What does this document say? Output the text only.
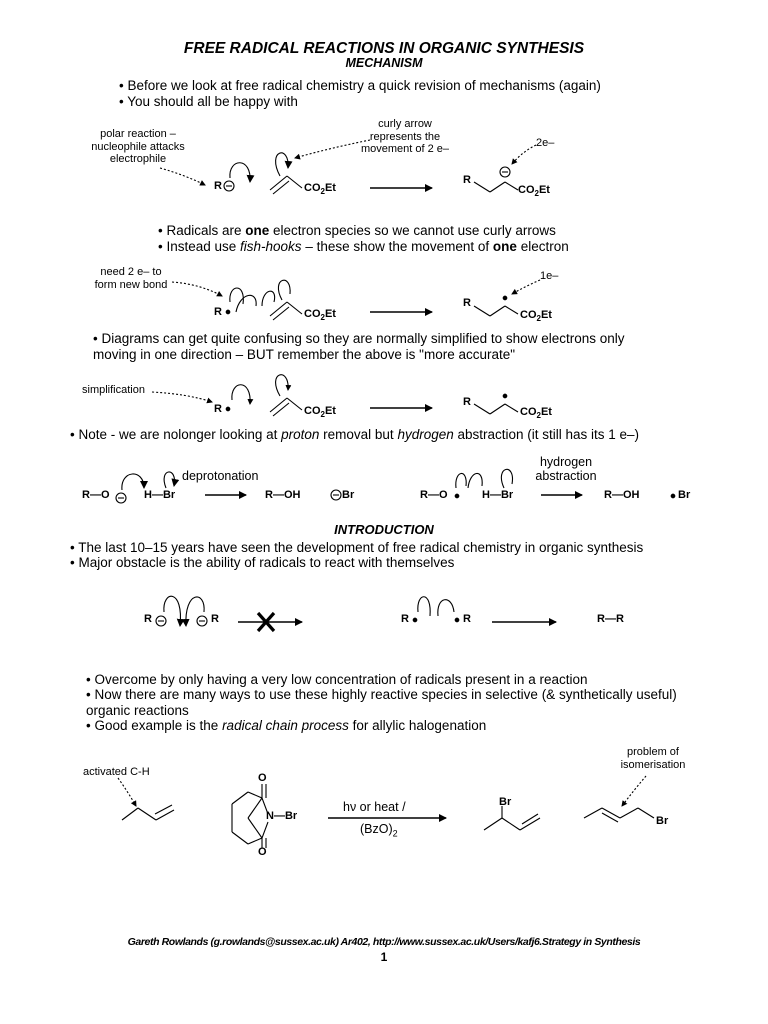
FREE RADICAL REACTIONS IN ORGANIC SYNTHESIS
MECHANISM
• Before we look at free radical chemistry a quick revision of mechanisms (again)
• You should all be happy with
polar reaction –
nucleophile attacks
electrophile
curly arrow
represents the
movement of 2 e–	2e–
R	$CO_2Et$
R
$CO_2Et$
• Radicals are one electron species so we cannot use curly arrows
• Instead use fish-hooks – these show the movement of one electron
need 2 e– to
form new bond
1e–
R	$CO_2Et$
R
$CO_2Et$
• Diagrams can get quite confusing so they are normally simplified to show electrons only
moving in one direction – BUT remember the above is "more accurate"
simplification
R	$CO_2Et$
R
$CO_2Et$
• Note - we are nolonger looking at proton removal but hydrogen abstraction (it still has its 1 e–)
deprotonation
hydrogen
abstraction
R—O	H—Br	R—OH	Br	R—O	H—Br	R—OH	Br
INTRODUCTION
• The last 10–15 years have seen the development of free radical chemistry in organic synthesis
• Major obstacle is the ability of radicals to react with themselves
R	R	R	R	R—R
• Overcome by only having a very low concentration of radicals present in a reaction
• Now there are many ways to use these highly reactive species in selective (& synthetically useful) organic reactions
• Good example is the radical chain process for allylic halogenation
activated C-H
problem of
isomerisation
O
O
N—Br
hν or heat /
$(BzO)_2$
Br
Br
Gareth Rowlands (g.rowlands@sussex.ac.uk) Ar402, http://www.sussex.ac.uk/Users/kafj6.Strategy in Synthesis
1
